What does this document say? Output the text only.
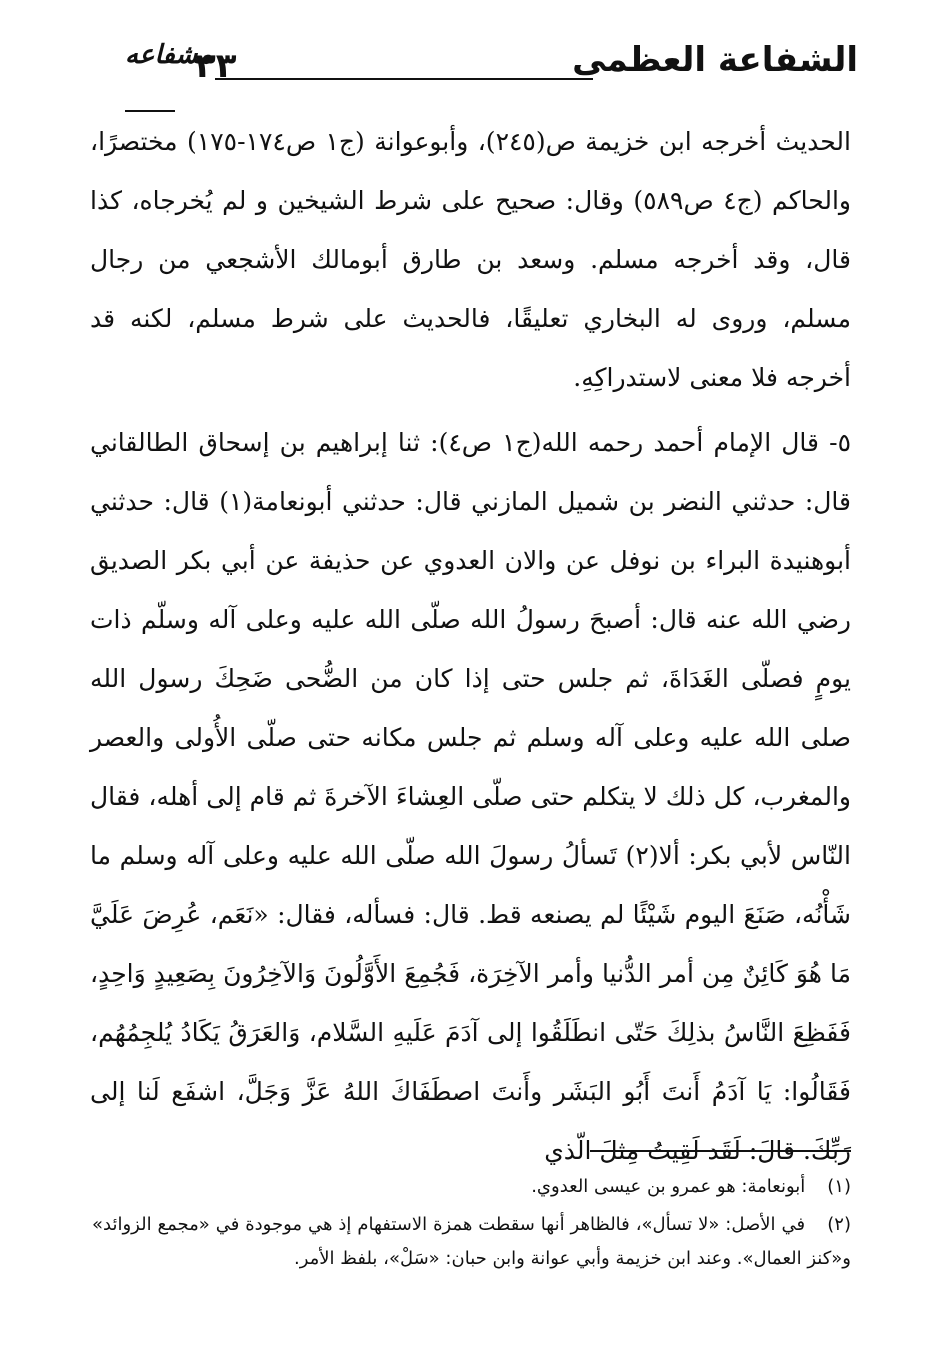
الشفاعة العظمى
٣٣
مشفاعه

الحديث أخرجه ابن خزيمة ص(٢٤٥)، وأبوعوانة (ج١ ص١٧٤-١٧٥) مختصرًا، والحاكم (ج٤ ص٥٨٩) وقال: صحيح على شرط الشيخين و لم يُخرجاه، كذا قال، وقد أخرجه مسلم. وسعد بن طارق أبومالك الأشجعي من رجال مسلم، وروى له البخاري تعليقًا، فالحديث على شرط مسلم، لكنه قد أخرجه فلا معنى لاستدراكِهِ.

٥- قال الإمام أحمد رحمه الله(ج١ ص٤): ثنا إبراهيم بن إسحاق الطالقاني قال: حدثني النضر بن شميل المازني قال: حدثني أبونعامة(١) قال: حدثني أبوهنيدة البراء بن نوفل عن والان العدوي عن حذيفة عن أبي بكر الصديق رضي الله عنه قال: أصبحَ رسولُ الله صلّى الله عليه وعلى آله وسلّم ذات يومٍ فصلّى الغَدَاةَ، ثم جلس حتى إذا كان من الضُّحى ضَحِكَ رسول الله صلى الله عليه وعلى آله وسلم ثم جلس مكانه حتى صلّى الأُولى والعصر والمغرب، كل ذلك لا يتكلم حتى صلّى العِشاءَ الآخرةَ ثم قام إلى أهله، فقال النّاس لأبي بكر: ألا(٢) تَسألُ رسولَ الله صلّى الله عليه وعلى آله وسلم ما شَأْنُه، صَنَعَ اليوم شَيْئًا لم يصنعه قط. قال: فسأله، فقال: «نَعَم، عُرِضَ عَلَيَّ مَا هُوَ كَائِنٌ مِن أمر الدُّنيا وأمر الآخِرَة، فَجُمِعَ الأَوَّلُونَ وَالآخِرُونَ بِصَعِيدٍ وَاحِدٍ، فَفَظِعَ النَّاسُ بذلِكَ حَتّى انطَلَقُوا إلى آدَمَ عَلَيهِ السَّلام، وَالعَرَقُ يَكَادُ يُلجِمُهُم، فَقَالُوا: يَا آدَمُ أَنتَ أَبُو البَشَر وأَنتَ اصطَفَاكَ اللهُ عَزَّ وَجَلَّ، اشفَع لَنا إلى رَبِّكَ. قالَ: لَقَد لَقِيتُ مِثلَ الّذي

(١) أبونعامة: هو عمرو بن عيسى العدوي.
(٢) في الأصل: «لا تسأل»، فالظاهر أنها سقطت همزة الاستفهام إذ هي موجودة في «مجمع الزوائد» و«كنز العمال». وعند ابن خزيمة وأبي عوانة وابن حبان: «سَلْ»، بلفظ الأمر.
